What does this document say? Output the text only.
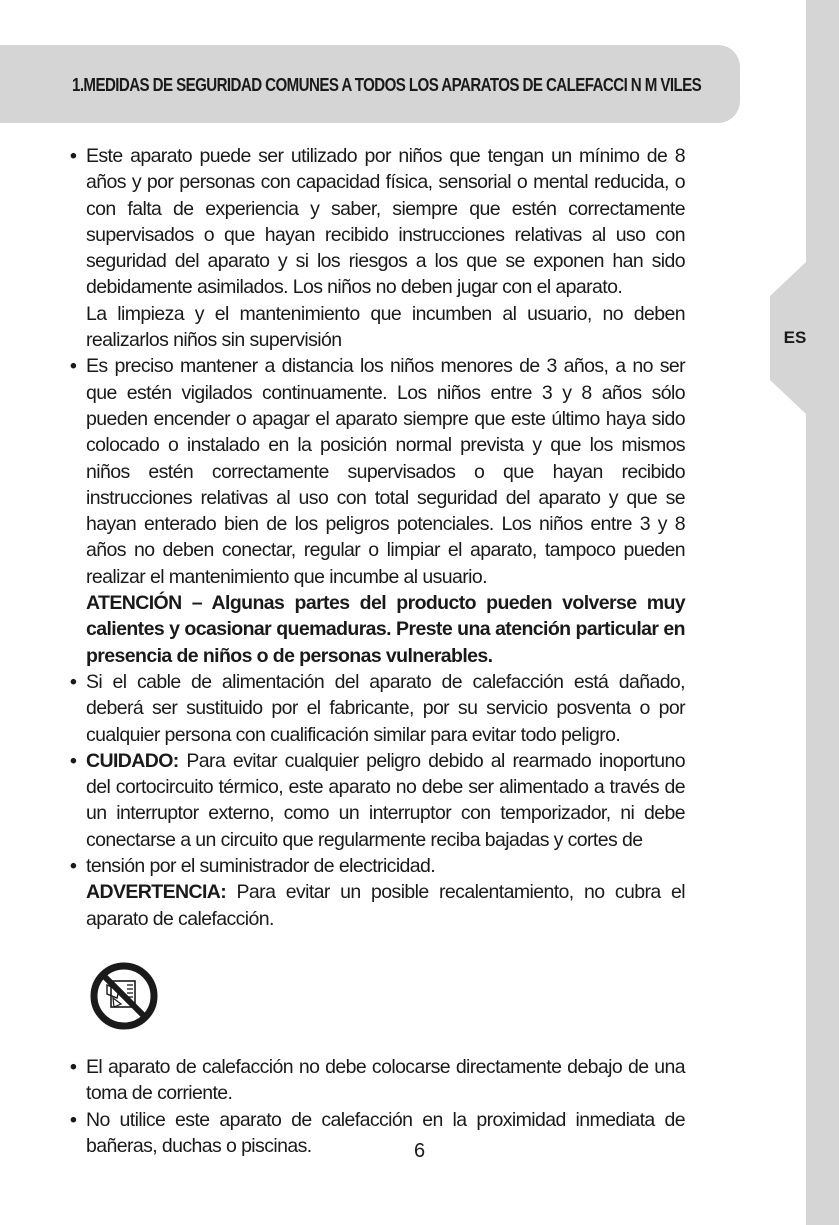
ES
1.MEDIDAS DE SEGURIDAD COMUNES A TODOS LOS APARATOS DE CALEFACCI N M VILES
• Este aparato puede ser utilizado por niños que tengan un mínimo de 8 años y por personas con capacidad física, sensorial o mental reducida, o con falta de experiencia y saber, siempre que estén correctamente supervisados o que hayan recibido instrucciones relativas al uso con seguridad del aparato y si los riesgos a los que se exponen han sido debidamente asimilados. Los niños no deben jugar con el aparato.

La limpieza y el mantenimiento que incumben al usuario, no deben realizarlos niños sin supervisión

• Es preciso mantener a distancia los niños menores de 3 años, a no ser que estén vigilados continuamente. Los niños entre 3 y 8 años sólo pueden encender o apagar el aparato siempre que este último haya sido colocado o instalado en la posición normal prevista y que los mismos niños estén correctamente supervisados o que hayan recibido instrucciones relativas al uso con total seguridad del aparato y que se hayan enterado bien de los peligros potenciales. Los niños entre 3 y 8 años no deben conectar, regular o limpiar el aparato, tampoco pueden realizar el mantenimiento que incumbe al usuario.

ATENCIÓN – Algunas partes del producto pueden volverse muy calientes y ocasionar quemaduras. Preste una atención particular en presencia de niños o de personas vulnerables.

• Si el cable de alimentación del aparato de calefacción está dañado, deberá ser sustituido por el fabricante, por su servicio posventa o por cualquier persona con cualificación similar para evitar todo peligro.

• CUIDADO: Para evitar cualquier peligro debido al rearmado inoportuno del cortocircuito térmico, este aparato no debe ser alimentado a través de un interruptor externo, como un interruptor con temporizador, ni debe conectarse a un circuito que regularmente reciba bajadas y cortes de

• tensión por el suministrador de electricidad.

ADVERTENCIA: Para evitar un posible recalentamiento, no cubra el aparato de calefacción.

• El aparato de calefacción no debe colocarse directamente debajo de una toma de corriente.

• No utilice este aparato de calefacción en la proximidad inmediata de bañeras, duchas o piscinas.	6
